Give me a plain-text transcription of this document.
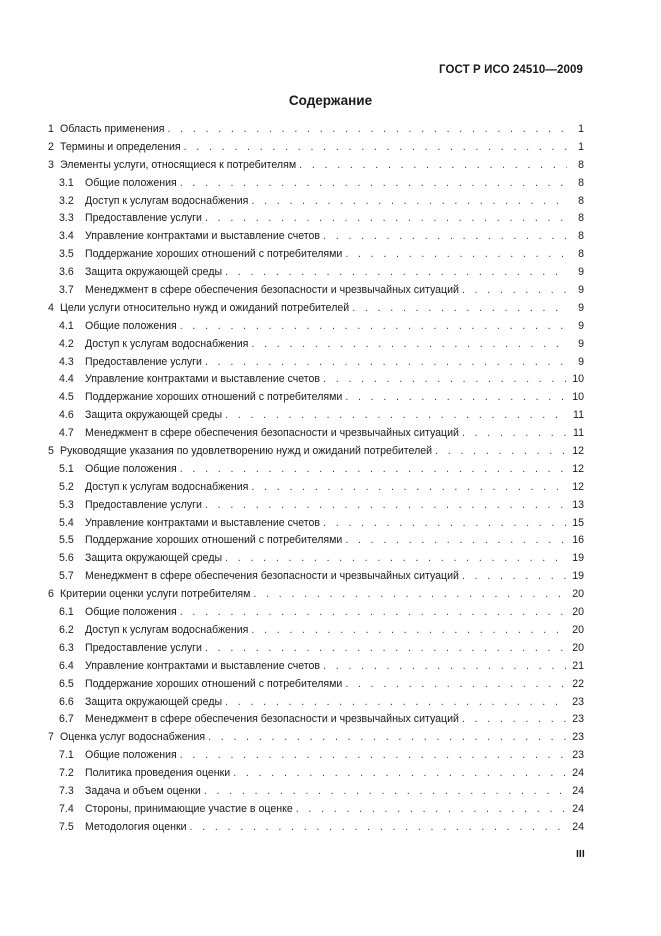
ГОСТ Р ИСО 24510—2009
Содержание
1 Область применения . . .	1
2 Термины и определения . . .	1
3 Элементы услуги, относящиеся к потребителям . . .	8
3.1	Общие положения . . .	8
3.2	Доступ к услугам водоснабжения . . .	8
3.3	Предоставление услуги . . .	8
3.4	Управление контрактами и выставление счетов . . .	8
3.5	Поддержание хороших отношений с потребителями . . .	8
3.6	Защита окружающей среды . . .	9
3.7	Менеджмент в сфере обеспечения безопасности и чрезвычайных ситуаций . . .	9
4 Цели услуги относительно нужд и ожиданий потребителей . . .	9
4.1	Общие положения . . .	9
4.2	Доступ к услугам водоснабжения . . .	9
4.3	Предоставление услуги . . .	9
4.4	Управление контрактами и выставление счетов . . .	10
4.5	Поддержание хороших отношений с потребителями . . .	10
4.6	Защита окружающей среды . . .	11
4.7	Менеджмент в сфере обеспечения безопасности и чрезвычайных ситуаций . . .	11
5 Руководящие указания по удовлетворению нужд и ожиданий потребителей . . .	12
5.1	Общие положения . . .	12
5.2	Доступ к услугам водоснабжения . . .	12
5.3	Предоставление услуги . . .	13
5.4	Управление контрактами и выставление счетов . . .	15
5.5	Поддержание хороших отношений с потребителями . . .	16
5.6	Защита окружающей среды . . .	19
5.7	Менеджмент в сфере обеспечения безопасности и чрезвычайных ситуаций . . .	19
6 Критерии оценки услуги потребителям . . .	20
6.1	Общие положения . . .	20
6.2	Доступ к услугам водоснабжения . . .	20
6.3	Предоставление услуги . . .	20
6.4	Управление контрактами и выставление счетов . . .	21
6.5	Поддержание хороших отношений с потребителями . . .	22
6.6	Защита окружающей среды . . .	23
6.7	Менеджмент в сфере обеспечения безопасности и чрезвычайных ситуаций . . .	23
7 Оценка услуг водоснабжения . . .	23
7.1	Общие положения . . .	23
7.2	Политика проведения оценки . . .	24
7.3	Задача и объем оценки . . .	24
7.4	Стороны, принимающие участие в оценке . . .	24
7.5	Методология оценки . . .	24
III
